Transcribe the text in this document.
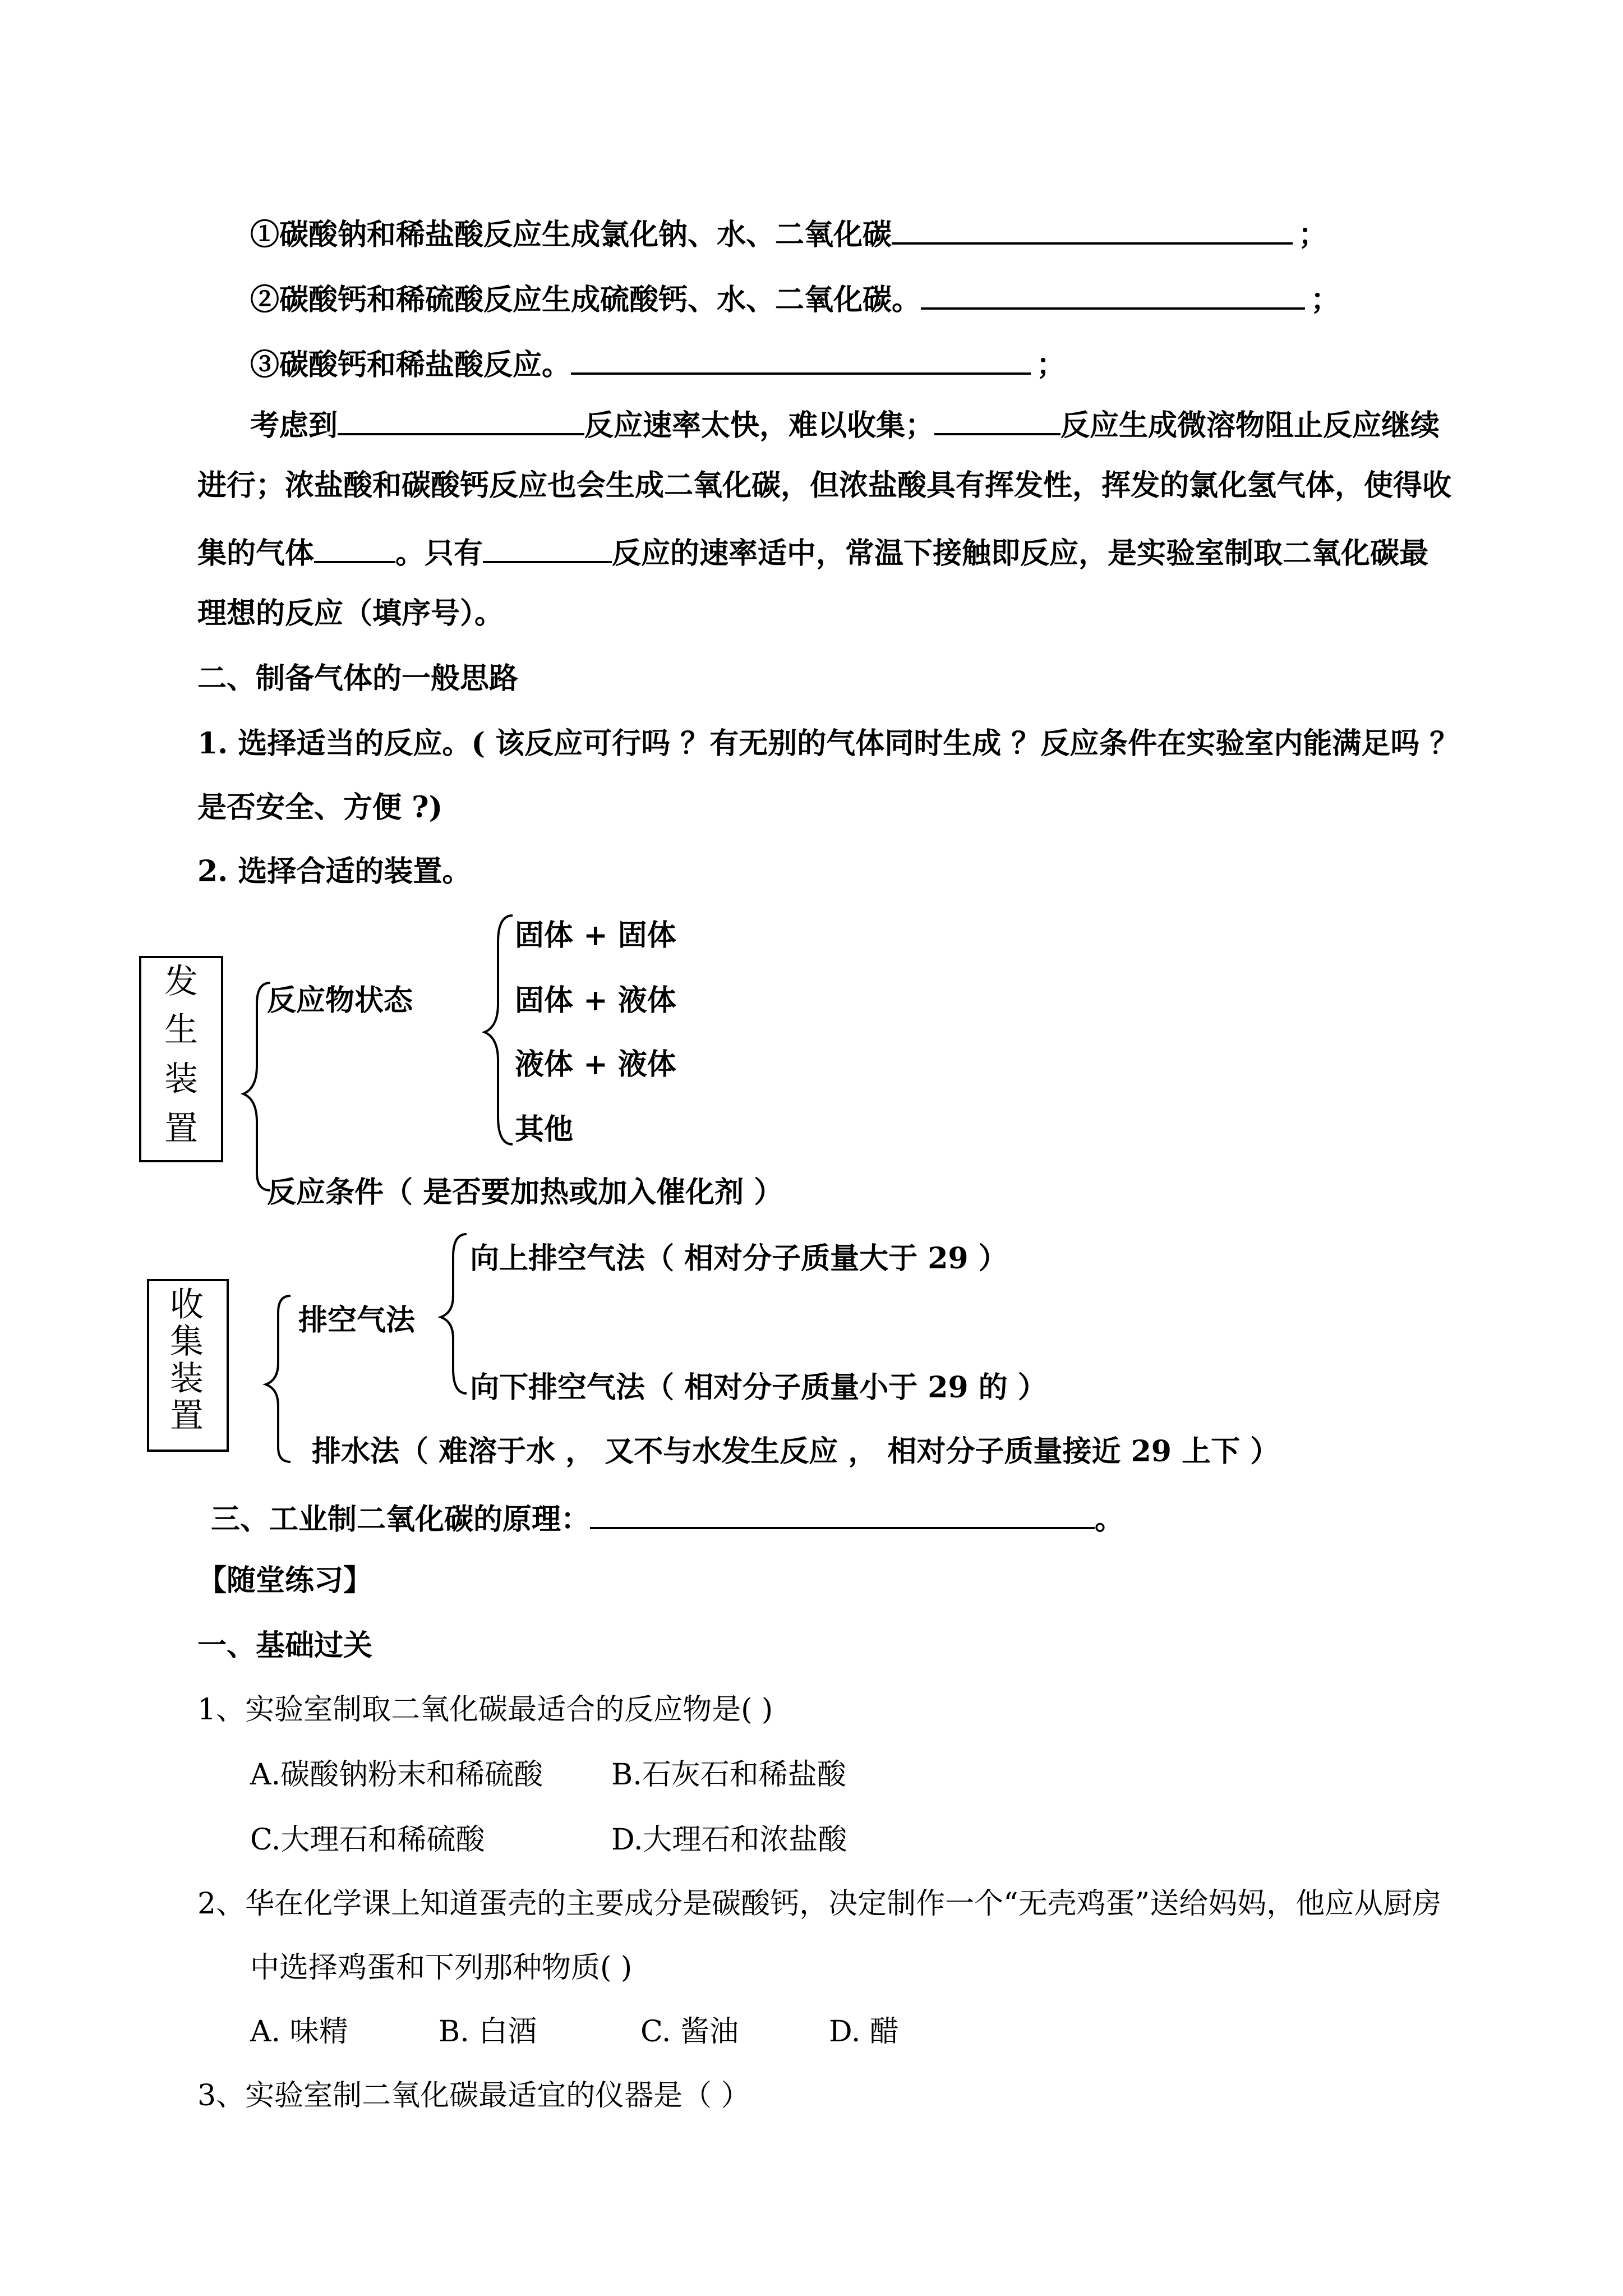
①碳酸钠和稀盐酸反应生成氯化钠、水、二氧化碳	；
②碳酸钙和稀硫酸反应生成硫酸钙、水、二氧化碳。	；
③碳酸钙和稀盐酸反应。	；
考虑到	反应速率太快，难以收集；	反应生成微溶物阻止反应继续
进行；浓盐酸和碳酸钙反应也会生成二氧化碳，但浓盐酸具有挥发性，挥发的氯化氢气体，使得收
集的气体	。只有	反应的速率适中，常温下接触即反应，是实验室制取二氧化碳最
理想的反应（填序号）。
二、制备气体的一般思路
1. 选择适当的反应。( 该反应可行吗 ？有无别的气体同时生成 ？反应条件在实验室内能满足吗 ？
是否安全、方便 ?)
2. 选择合适的装置。
发
生
装
置
反应物状态
固体 + 固体
固体 + 液体
液体 + 液体
其他
反应条件（ 是否要加热或加入催化剂 ）
收
集
装
置
排空气法
向上排空气法（ 相对分子质量大于 29 ）
向下排空气法（ 相对分子质量小于 29 的 ）
排水法（ 难溶于水 ， 又不与水发生反应 ， 相对分子质量接近 29 上下 ）
三、工业制二氧化碳的原理：	。
【随堂练习】
一、基础过关
1、实验室制取二氧化碳最适合的反应物是( )
A.碳酸钠粉末和稀硫酸 B.石灰石和稀盐酸
C.大理石和稀硫酸	D.大理石和浓盐酸
2、华在化学课上知道蛋壳的主要成分是碳酸钙，决定制作一个“无壳鸡蛋”送给妈妈，他应从厨房
中选择鸡蛋和下列那种物质( )
A. 味精	B. 白酒	C. 酱油	D. 醋
3、实验室制二氧化碳最适宜的仪器是（ ）
